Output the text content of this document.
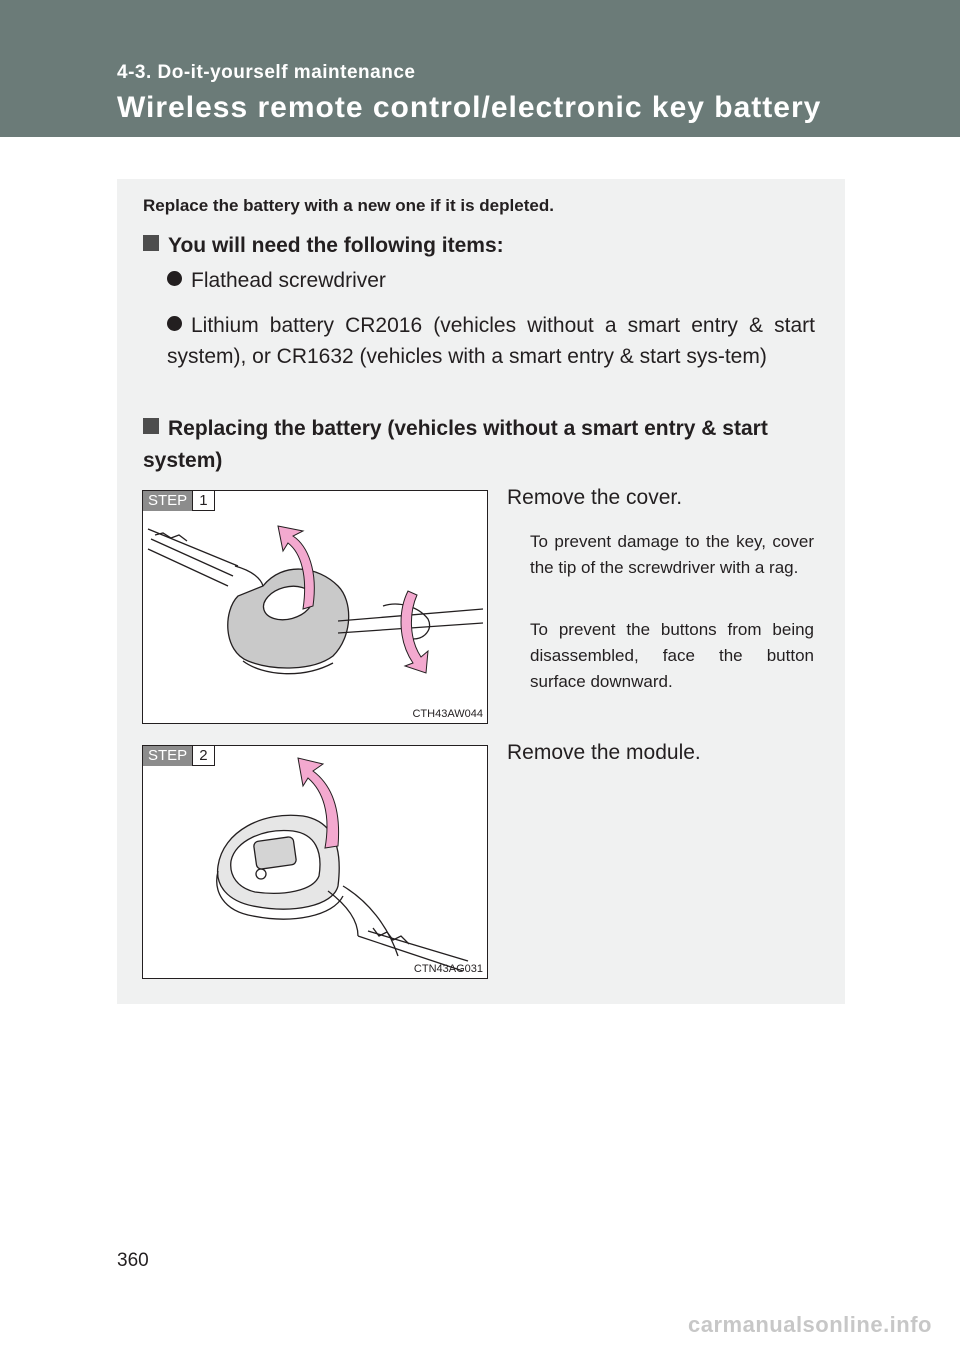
4-3. Do-it-yourself maintenance
Wireless remote control/electronic key battery
Replace the battery with a new one if it is depleted.
You will need the following items:
Flathead screwdriver
Lithium battery CR2016 (vehicles without a smart entry & start system), or CR1632 (vehicles with a smart entry & start sys-tem)
Replacing the battery (vehicles without a smart entry & start system)
STEP 1
CTH43AW044
Remove the cover.
To prevent damage to the key, cover the tip of the screwdriver with a rag.
To prevent the buttons from being disassembled, face the button surface downward.
STEP 2
CTN43AG031
Remove the module.
360
carmanualsonline.info
